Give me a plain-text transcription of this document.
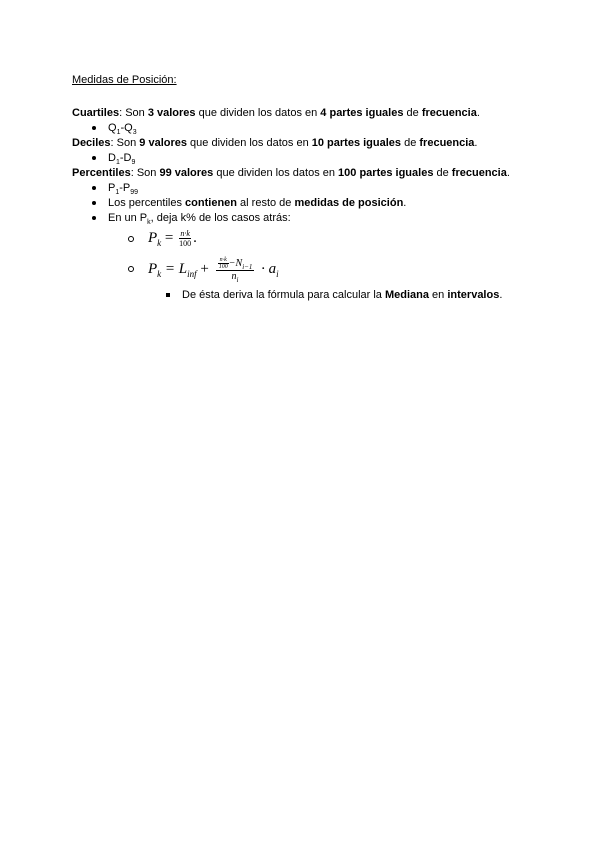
Medidas de Posición:
Cuartiles: Son 3 valores que dividen los datos en 4 partes iguales de frecuencia.
$Q_1-Q_3$
Deciles: Son 9 valores que dividen los datos en 10 partes iguales de frecuencia.
$D_1-D_9$
Percentiles: Son 99 valores que dividen los datos en 100 partes iguales de frecuencia.
$P_1-P_{99}$
Los percentiles contienen al resto de medidas de posición.
En un $P_k$, deja k% de los casos atrás:
$P_k = \frac{n\cdot k}{100}$ .
$P_k = L_{inf} + \frac{\frac{n\cdot k}{100} -N_{i-1}}{n_i} \cdot a_i$
De ésta deriva la fórmula para calcular la Mediana en intervalos.
